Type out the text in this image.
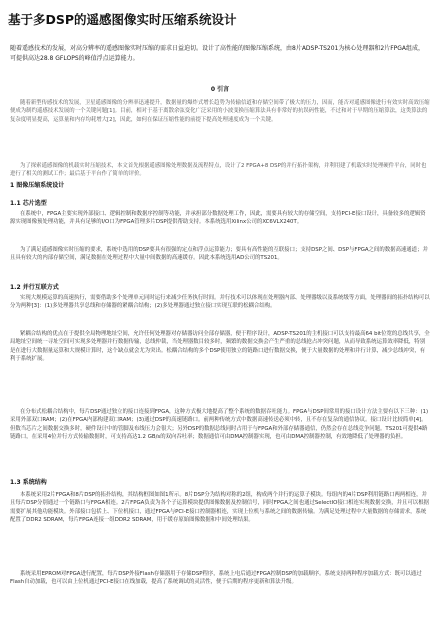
基于多DSP的遥感图像实时压缩系统设计
随着遥感技术的发展，对高分辨率的遥感图像实时压缩的需求日益迫切。设计了高性能的图像压缩系统，由8片ADSP-TS201为核心处理器和2片FPGA组成，可提供高达28.8 GFLOPS的峰值浮点运算能力。
0 引言
随着新型传感技术的发展，卫星遥感图像的分辨率迅速提升，数据量的爆炸式增长趋势为传输信道和存储空间带了极大的压力，因而，能否对遥感图像进行有效实时高效压缩便成为制约遥感技术发展的一个关键问题[1]。目前，相对于基于离散余弦变化广泛采用的小波变换压缩算法具有非常好的抗误码性能，不过和对于早期的压缩算法，这类算法的复杂度明显提高，运算量和内存均耗增大[2]，因此，如何在保证压缩性能的前提下提高处理速度成为一个关键。
为了探索遥感图像的机载实时压缩技术，本文首先根据遥感图像处理数据及流程特点，设计了2 FPGA+8 DSP的并行拓扑架构，并利用建了机载实时处理硬件平台，同时也进行了相关的测试工作；最后基于平台作了简单的评价。
1 图像压缩系统设计
1.1 芯片选型
在系统中，FPGA主要实现外部接口、逻辑控制和数据序控制等功能，并承担部分数据处理工作，因此，需要具有较大的存储空间，支持PCI-E接口设计，具备较多的逻辑资源实现图像预处理功能，并具有足够的I/O口为FPGA管理多片DSP提供帮助支持。本系统选用Xilinx公司的XC6VLX240T。
为了满足遥感图像实时压缩的要求，系统中选用的DSP要具有很强的定点和浮点运算能力；要具有高性能的互联接口；支持DSP之间、DSP与FPGA之间的数据高速通道；并且具有较大的内部存储空间，满足数据在处理过程中大量中间数据的高速缓存。因此本系统选用AD公司的TS201。
1.2 并行互联方式
实现大规模运算的高速执行，需要借助多个处理单元同时运行来减少任务执行时间。并行技术可以体现在处理器内部、处理器级以及系统级等方面，处理器间的拓扑结构可以分为两种[3]：(1)多处理器共享总线和存储器的紧耦合结构；(2)多处理器通过独立接口实现互联的松耦合结构。
紧耦合结构的优点在于提供全局物理地址空间，允许任何处理器对存储器访问全部存储器，便于程序设计，ADSP-TS201的主机接口可以支持最高64 bit位宽的总线共享，全局地址空间统一寻址空间可实现多处理器并行数据传输，总线仲裁，当处理器数目较多时，频繁的数据交换会产生严重的总线抢占冲突问题，从而导致系统运算效率降低，特别是在进行大数据量运算和大规模计算时，这个缺点就会尤为突出。松耦合结构的多个DSP使用独立的链路口进行数据交换，便于大量数据的处理和并行计算，减少总线冲突，有利于系统扩展。
在分布式松耦合结构中，每片DSP通过独立的接口连接到FPGA，这种方式极大地提高了整个系统的数据吞吐能力。FPGA与DSP间常用的接口设计方法主要有以下三种：(1)采用外部双口RAM；(2)在FPGA内部构建双口RAM；(3)通过DSP的高速链路口。前两种传统方式中数据高速传送必须中转，且不存在复杂的通信协议。接口设计比较简单[4]。但数当芯片之间数据交换多时，硬件设计中的管脚及布线压力会很大；另外DSP的数据总线同时占用于与FPGA和外部存储器通信，仍然会存在总线竞争问题。TS201可提供4路链路口，在采用4位并行方式传输数据时，可支持高达1.2 GB/s的双向吞吐率；数据通信可由DMA控制器实现，也可由DMA控制器控制，有效地降低了处理器的负担。
1.3 系统结构
本系统采用2片FPGA和8片DSP的拓扑结构，其结构框图如图1所示。8片DSP分为结构对称的2组，构成两个并行的运算子模块。每组内的4片DSP利用链路口两两相连，并且每片DSP分别通过一个链路口与FPGA相连。2片FPGA负责为各个子运算模块提供图像数据及控制信号，同时FPGA之间也通过SelectIO接口相连实现数据交换，并且可以根据需要扩展其他功能模块。外部接口包括上、下位机接口，通过FPGA与PCI-E接口控制器相连，实现上位机与系统之间的数据传输。为满足处理过程中大量数据的存储需求，系统配置了DDR2 SDRAM，每片FPGA连接一组DDR2 SDRAM，用于缓存原始图像数据和中间处理结果。
系统采用EPROM对FPGA进行配置，每片DSP外接Flash存储器用于存储DSP程序，系统上电后通过FPGA控制DSP的加载顺序。系统支持两种程序加载方式：既可以通过Flash自动加载，也可以由上位机通过PCI-E接口在线加载，提高了系统调试的灵活性，便于后期的程序更新和算法升级。
